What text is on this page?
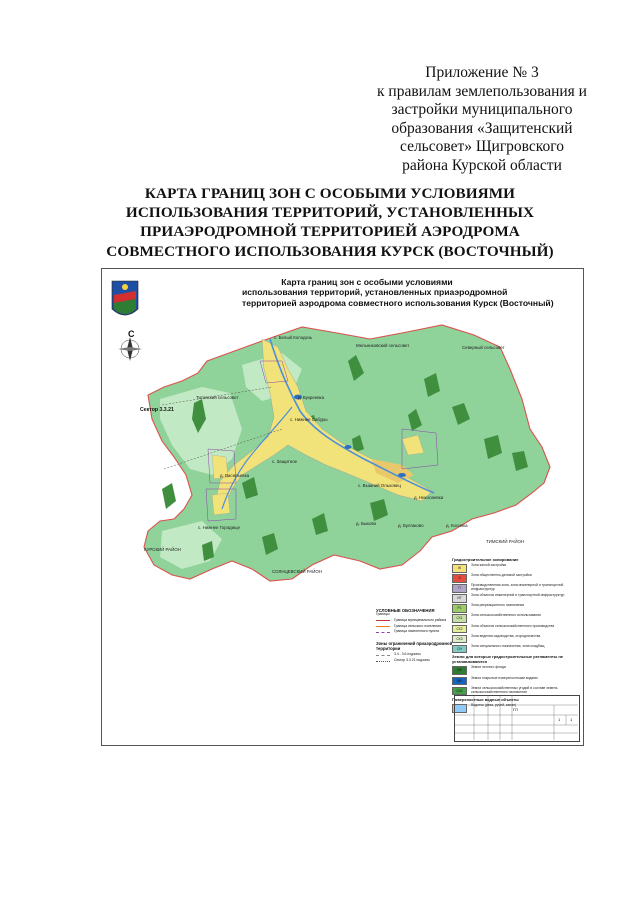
Приложение № 3
к правилам землепользования и
застройки муниципального
образования «Защитенский
сельсовет» Щигровского
района Курской области
КАРТА ГРАНИЦ ЗОН С ОСОБЫМИ УСЛОВИЯМИ
ИСПОЛЬЗОВАНИЯ ТЕРРИТОРИЙ, УСТАНОВЛЕННЫХ
ПРИАЭРОДРОМНОЙ ТЕРРИТОРИЕЙ АЭРОДРОМА
СОВМЕСТНОГО ИСПОЛЬЗОВАНИЯ КУРСК (ВОСТОЧНЫЙ)
Карта границ зон с особыми условиями
использования территорий, установленных приаэродромной
территорией аэродрома совместного использования Курск (Восточный)
С
Сектор 3.3.21
с. Белый Колодезь
Мельниковский сельсовет	Северный сельсовет
Титовский сельсовет	д. Букреевка
с. Нижние Сабуры
с. Защитное
д. Васильевка
с. Нижнее Городище
с. Вышний Ольховец
д. Николаевка
д. Косинка
д. Быково	д. Булгаково
КУРСКИЙ РАЙОН
СОЛНЦЕВСКИЙ РАЙОН
ТИМСКИЙ РАЙОН
УСЛОВНЫЕ ОБОЗНАЧЕНИЯ
Границы
Граница муниципального района
Граница сельского поселения
Граница населенного пункта
Зоны ограничений приаэродромной территории
3.4 - 3.6 подзоны
Сектор 3.3.21 подзоны
Градостроительное зонирование
Ж
Зона жилой застройки
О
Зона общественно-деловой застройки
П
Производственная зона, зона инженерной и транспортной инфраструктур
ИТ
Зона объектов инженерной и транспортной инфраструктур
Р1
Зона рекреационного назначения
СХ1
Зона сельскохозяйственного использования
СХ2
Зона объектов сельскохозяйственного производства
СХ3
Зона ведения садоводства, огородничества
СН
Зона специального назначения, зона кладбищ
Земли для которых градостроительные регламенты не устанавливаются
ЛФ
Земли лесного фонда
ВФ
Земли покрытые поверхностными водами
СХ4
Земли сельскохозяйственных угодий в составе земель сельскохозяйственного назначения
Поверхностные водные объекты
Водоток (река, ручей, канал)
ГП
1 1
